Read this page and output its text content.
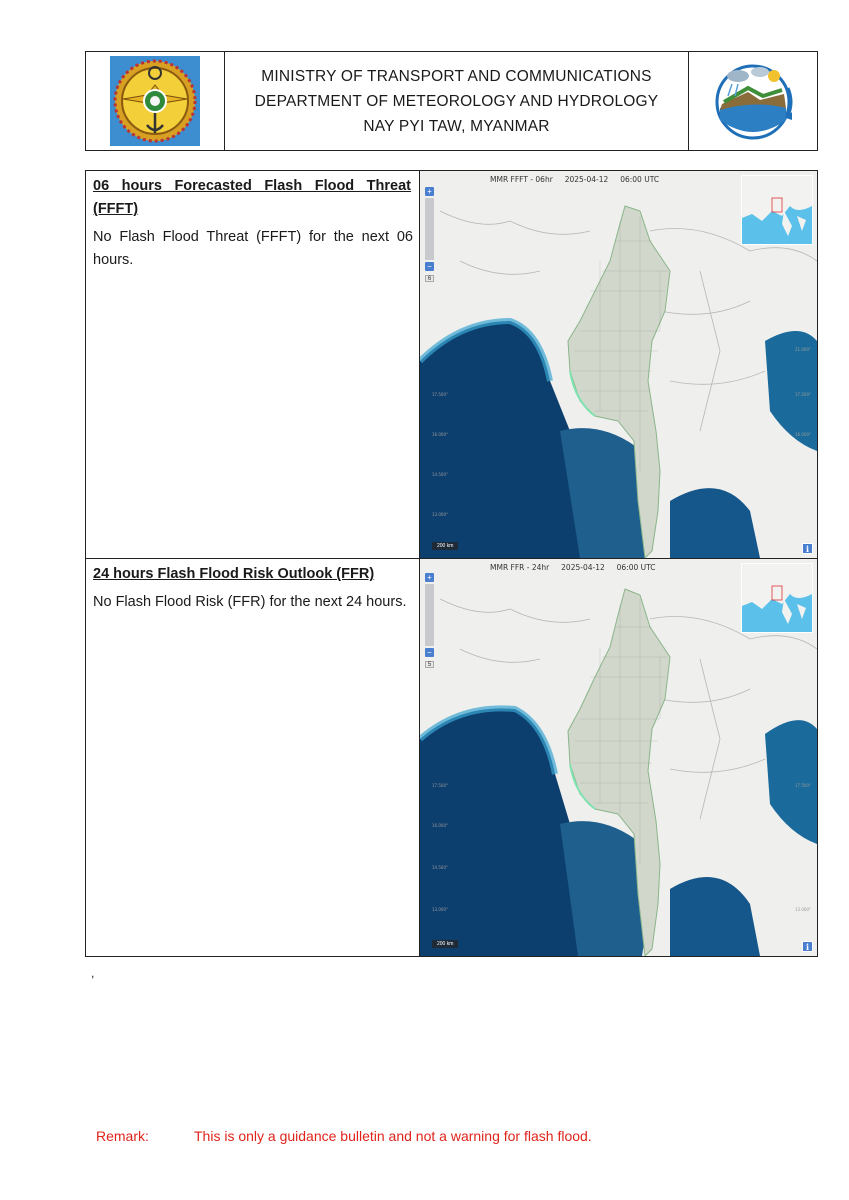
MINISTRY OF TRANSPORT AND COMMUNICATIONS
DEPARTMENT OF METEOROLOGY AND HYDROLOGY
NAY PYI TAW, MYANMAR
06 hours Forecasted Flash Flood Threat
(FFFT)
No Flash Flood Threat (FFFT) for the next 06 hours.
17.500°
16.000°
14.500°
13.000°
21.000°
17.500°
16.000°
MMR FFFT - 06hr     2025-04-12     06:00 UTC
+
−
6
i
200 km
24 hours Flash Flood Risk Outlook (FFR)
No Flash Flood Risk (FFR) for the next 24 hours.
17.500°
16.000°
14.500°
13.000°
17.500°
13.000°
MMR FFR - 24hr     2025-04-12     06:00 UTC
+
−
5
i
200 km
,
Remark:	This is only a guidance bulletin and not a warning for flash flood.
